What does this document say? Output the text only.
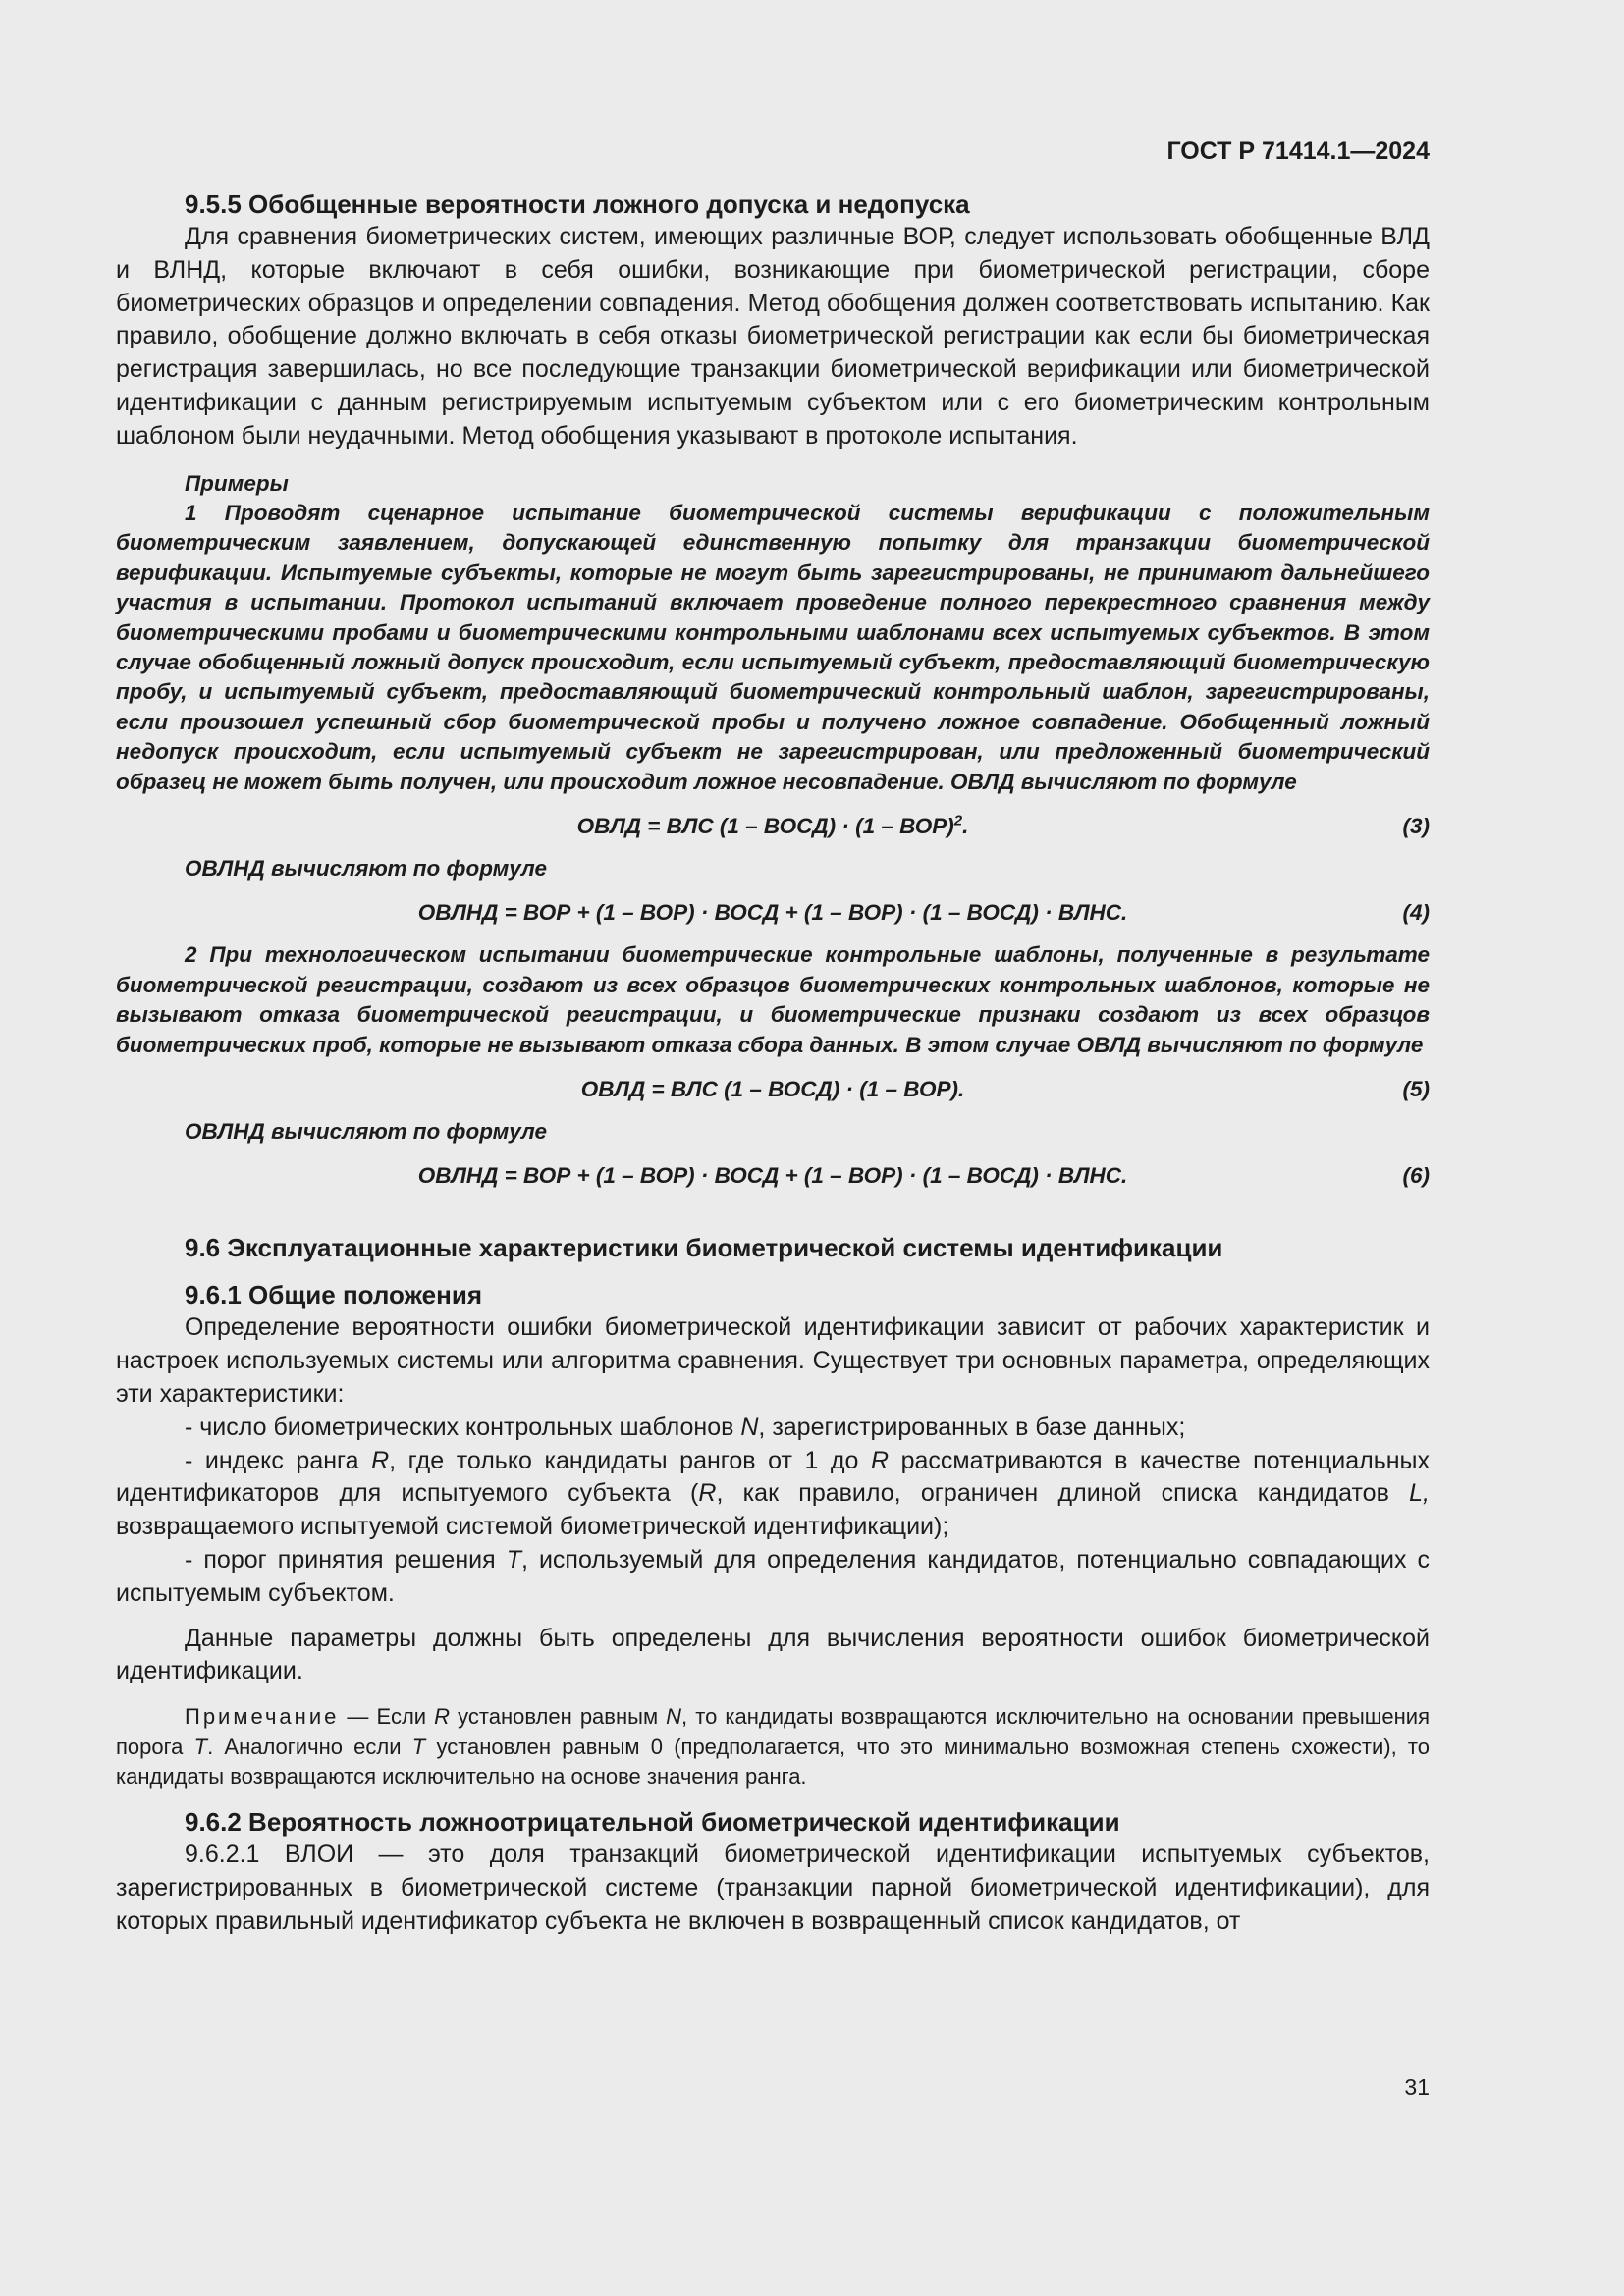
ГОСТ Р 71414.1—2024

9.5.5 Обобщенные вероятности ложного допуска и недопуска

Для сравнения биометрических систем, имеющих различные ВОР, следует использовать обобщенные ВЛД и ВЛНД, которые включают в себя ошибки, возникающие при биометрической регистрации, сборе биометрических образцов и определении совпадения. Метод обобщения должен соответствовать испытанию. Как правило, обобщение должно включать в себя отказы биометрической регистрации как если бы биометрическая регистрация завершилась, но все последующие транзакции биометрической верификации или биометрической идентификации с данным регистрируемым испытуемым субъектом или с его биометрическим контрольным шаблоном были неудачными. Метод обобщения указывают в протоколе испытания.

Примеры

1 Проводят сценарное испытание биометрической системы верификации с положительным биометрическим заявлением, допускающей единственную попытку для транзакции биометрической верификации. Испытуемые субъекты, которые не могут быть зарегистрированы, не принимают дальнейшего участия в испытании. Протокол испытаний включает проведение полного перекрестного сравнения между биометрическими пробами и биометрическими контрольными шаблонами всех испытуемых субъектов. В этом случае обобщенный ложный допуск происходит, если испытуемый субъект, предоставляющий биометрическую пробу, и испытуемый субъект, предоставляющий биометрический контрольный шаблон, зарегистрированы, если произошел успешный сбор биометрической пробы и получено ложное совпадение. Обобщенный ложный недопуск происходит, если испытуемый субъект не зарегистрирован, или предложенный биометрический образец не может быть получен, или происходит ложное несовпадение. ОВЛД вычисляют по формуле

ОВЛД = ВЛС (1 – ВОСД) · (1 – ВОР)$^2$.	(3)

ОВЛНД вычисляют по формуле

ОВЛНД = ВОР + (1 – ВОР) · ВОСД + (1 – ВОР) · (1 – ВОСД) · ВЛНС.	(4)

2 При технологическом испытании биометрические контрольные шаблоны, полученные в результате биометрической регистрации, создают из всех образцов биометрических контрольных шаблонов, которые не вызывают отказа биометрической регистрации, и биометрические признаки создают из всех образцов биометрических проб, которые не вызывают отказа сбора данных. В этом случае ОВЛД вычисляют по формуле

ОВЛД = ВЛС (1 – ВОСД) · (1 – ВОР).	(5)

ОВЛНД вычисляют по формуле

ОВЛНД = ВОР + (1 – ВОР) · ВОСД + (1 – ВОР) · (1 – ВОСД) · ВЛНС.	(6)

9.6 Эксплуатационные характеристики биометрической системы идентификации

9.6.1 Общие положения

Определение вероятности ошибки биометрической идентификации зависит от рабочих характеристик и настроек используемых системы или алгоритма сравнения. Существует три основных параметра, определяющих эти характеристики:

- число биометрических контрольных шаблонов N, зарегистрированных в базе данных;

- индекс ранга R, где только кандидаты рангов от 1 до R рассматриваются в качестве потенциальных идентификаторов для испытуемого субъекта (R, как правило, ограничен длиной списка кандидатов L, возвращаемого испытуемой системой биометрической идентификации);

- порог принятия решения T, используемый для определения кандидатов, потенциально совпадающих с испытуемым субъектом.

Данные параметры должны быть определены для вычисления вероятности ошибок биометрической идентификации.

Примечание — Если R установлен равным N, то кандидаты возвращаются исключительно на основании превышения порога T. Аналогично если T установлен равным 0 (предполагается, что это минимально возможная степень схожести), то кандидаты возвращаются исключительно на основе значения ранга.

9.6.2 Вероятность ложноотрицательной биометрической идентификации

9.6.2.1 ВЛОИ — это доля транзакций биометрической идентификации испытуемых субъектов, зарегистрированных в биометрической системе (транзакции парной биометрической идентификации), для которых правильный идентификатор субъекта не включен в возвращенный список кандидатов, от

31
